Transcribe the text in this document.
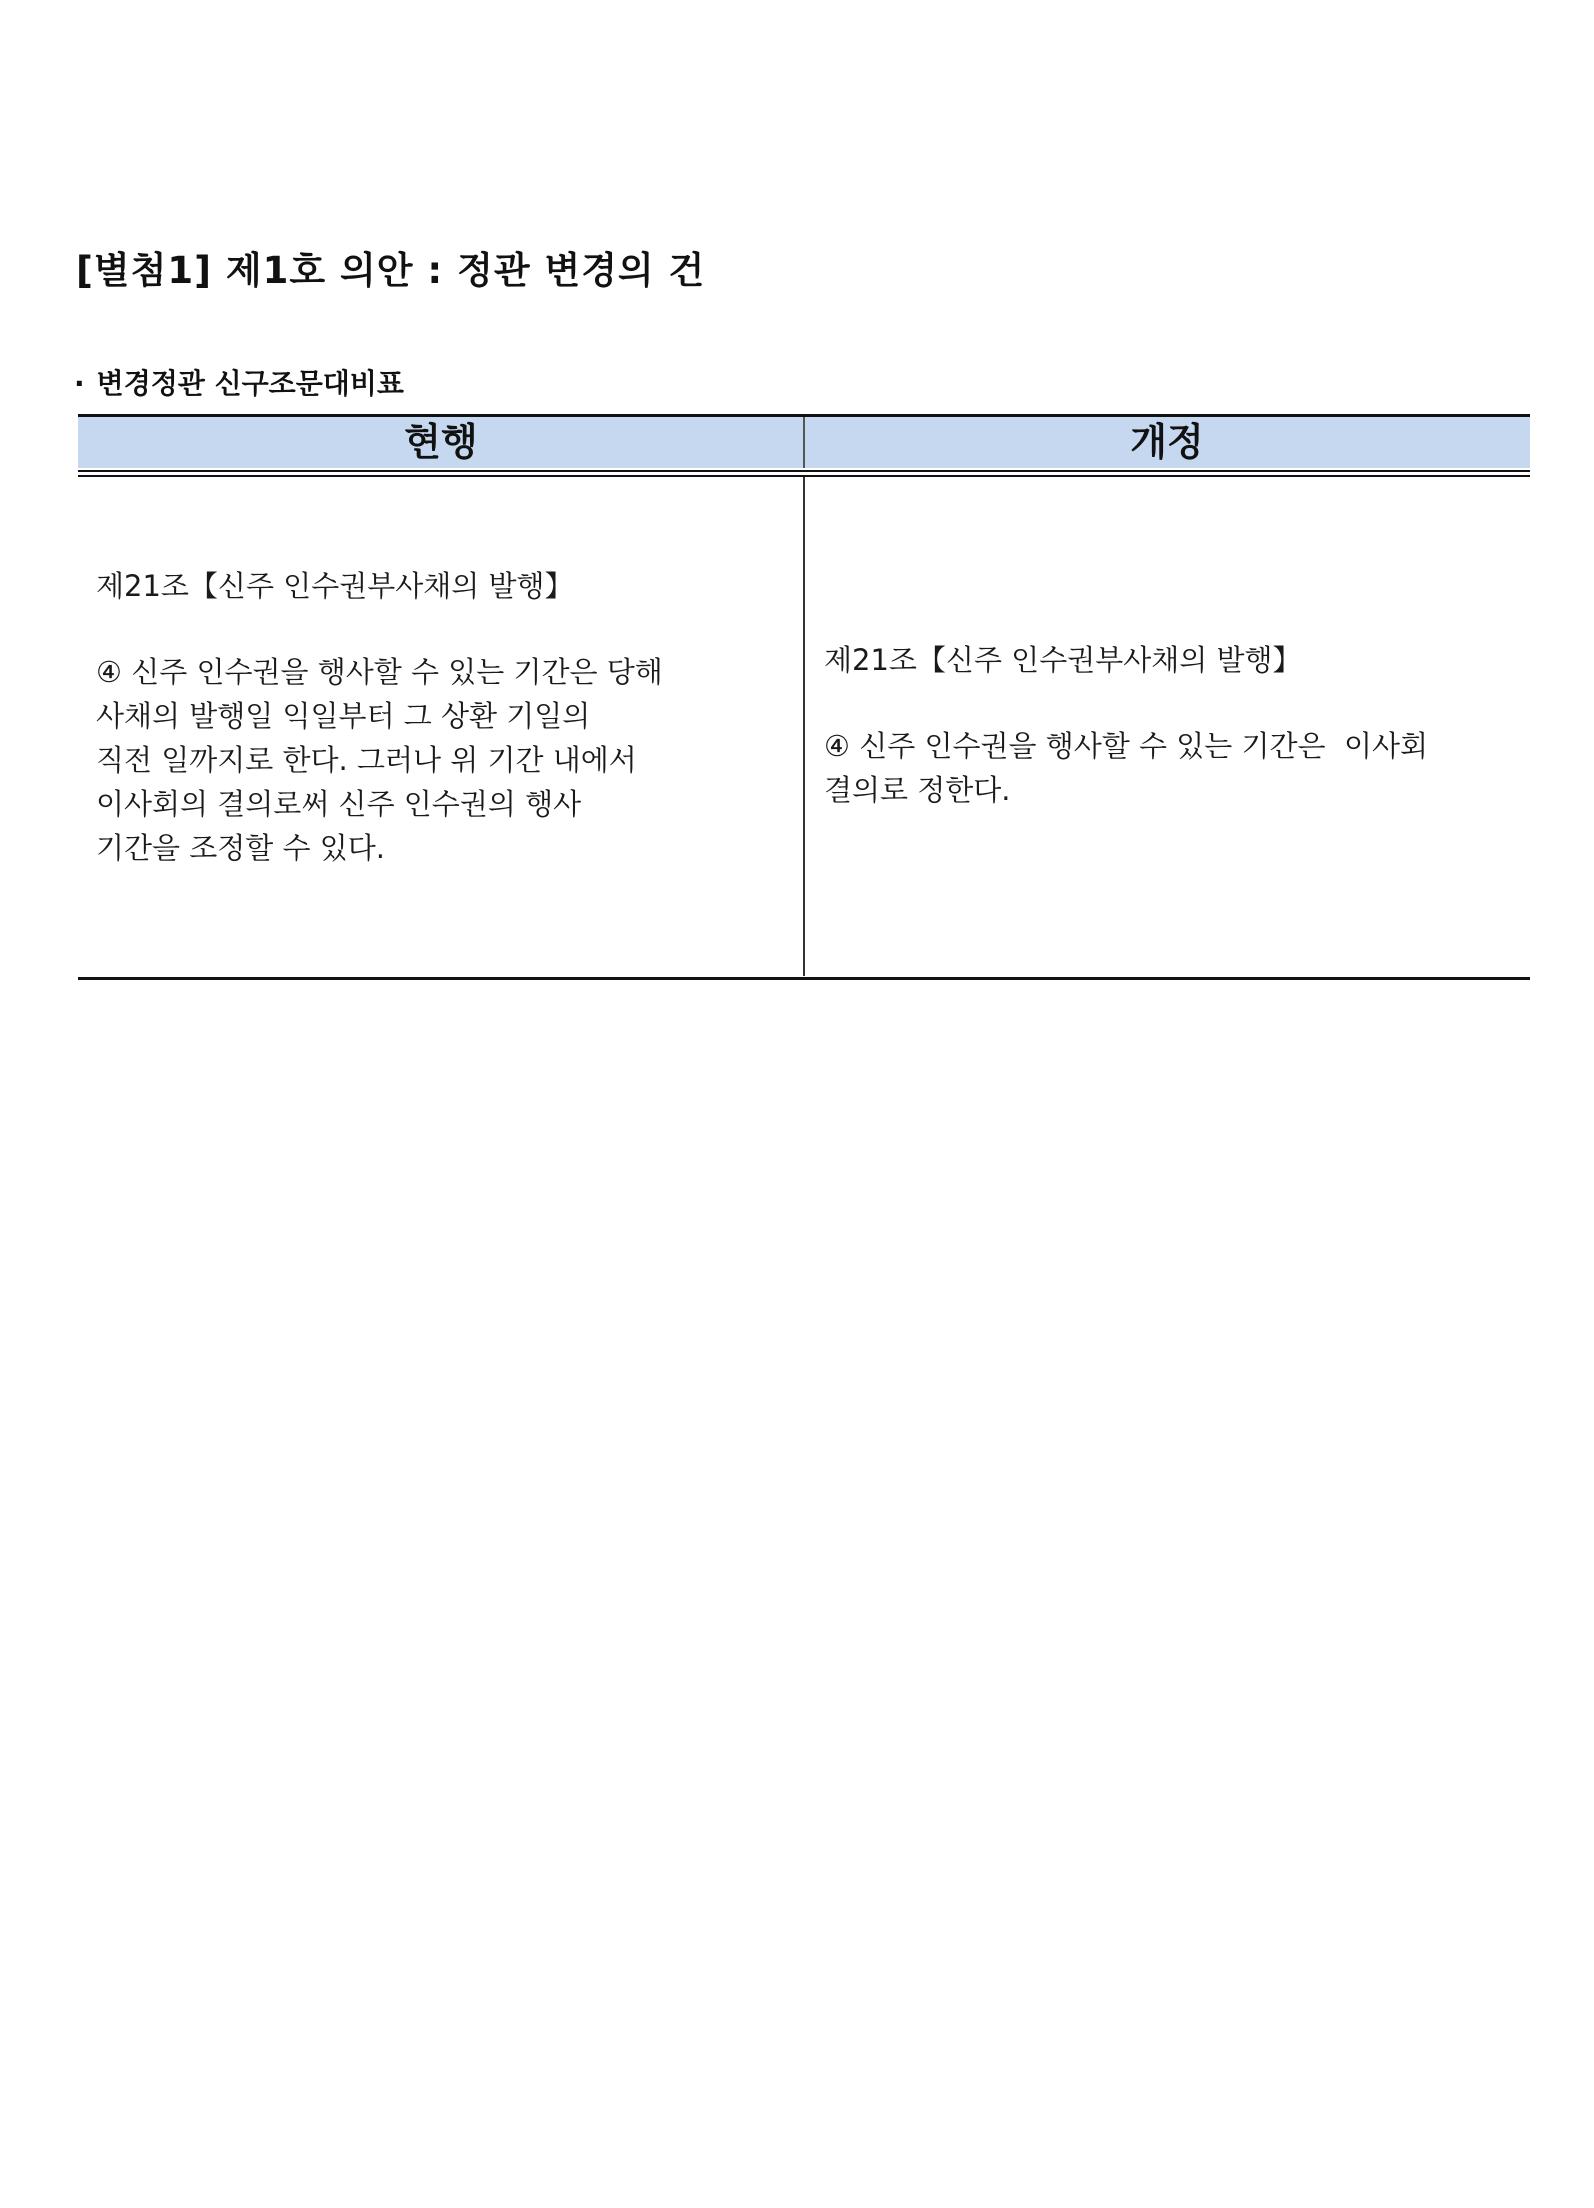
[별첨1] 제1호 의안 : 정관 변경의 건
· 변경정관 신구조문대비표
현행	개정
제21조【신주 인수권부사채의 발행】
④ 신주 인수권을 행사할 수 있는 기간은 당해
사채의 발행일 익일부터 그 상환 기일의
직전 일까지로 한다. 그러나 위 기간 내에서
이사회의 결의로써 신주 인수권의 행사
기간을 조정할 수 있다.
제21조【신주 인수권부사채의 발행】
④ 신주 인수권을 행사할 수 있는 기간은  이사회
결의로 정한다.
